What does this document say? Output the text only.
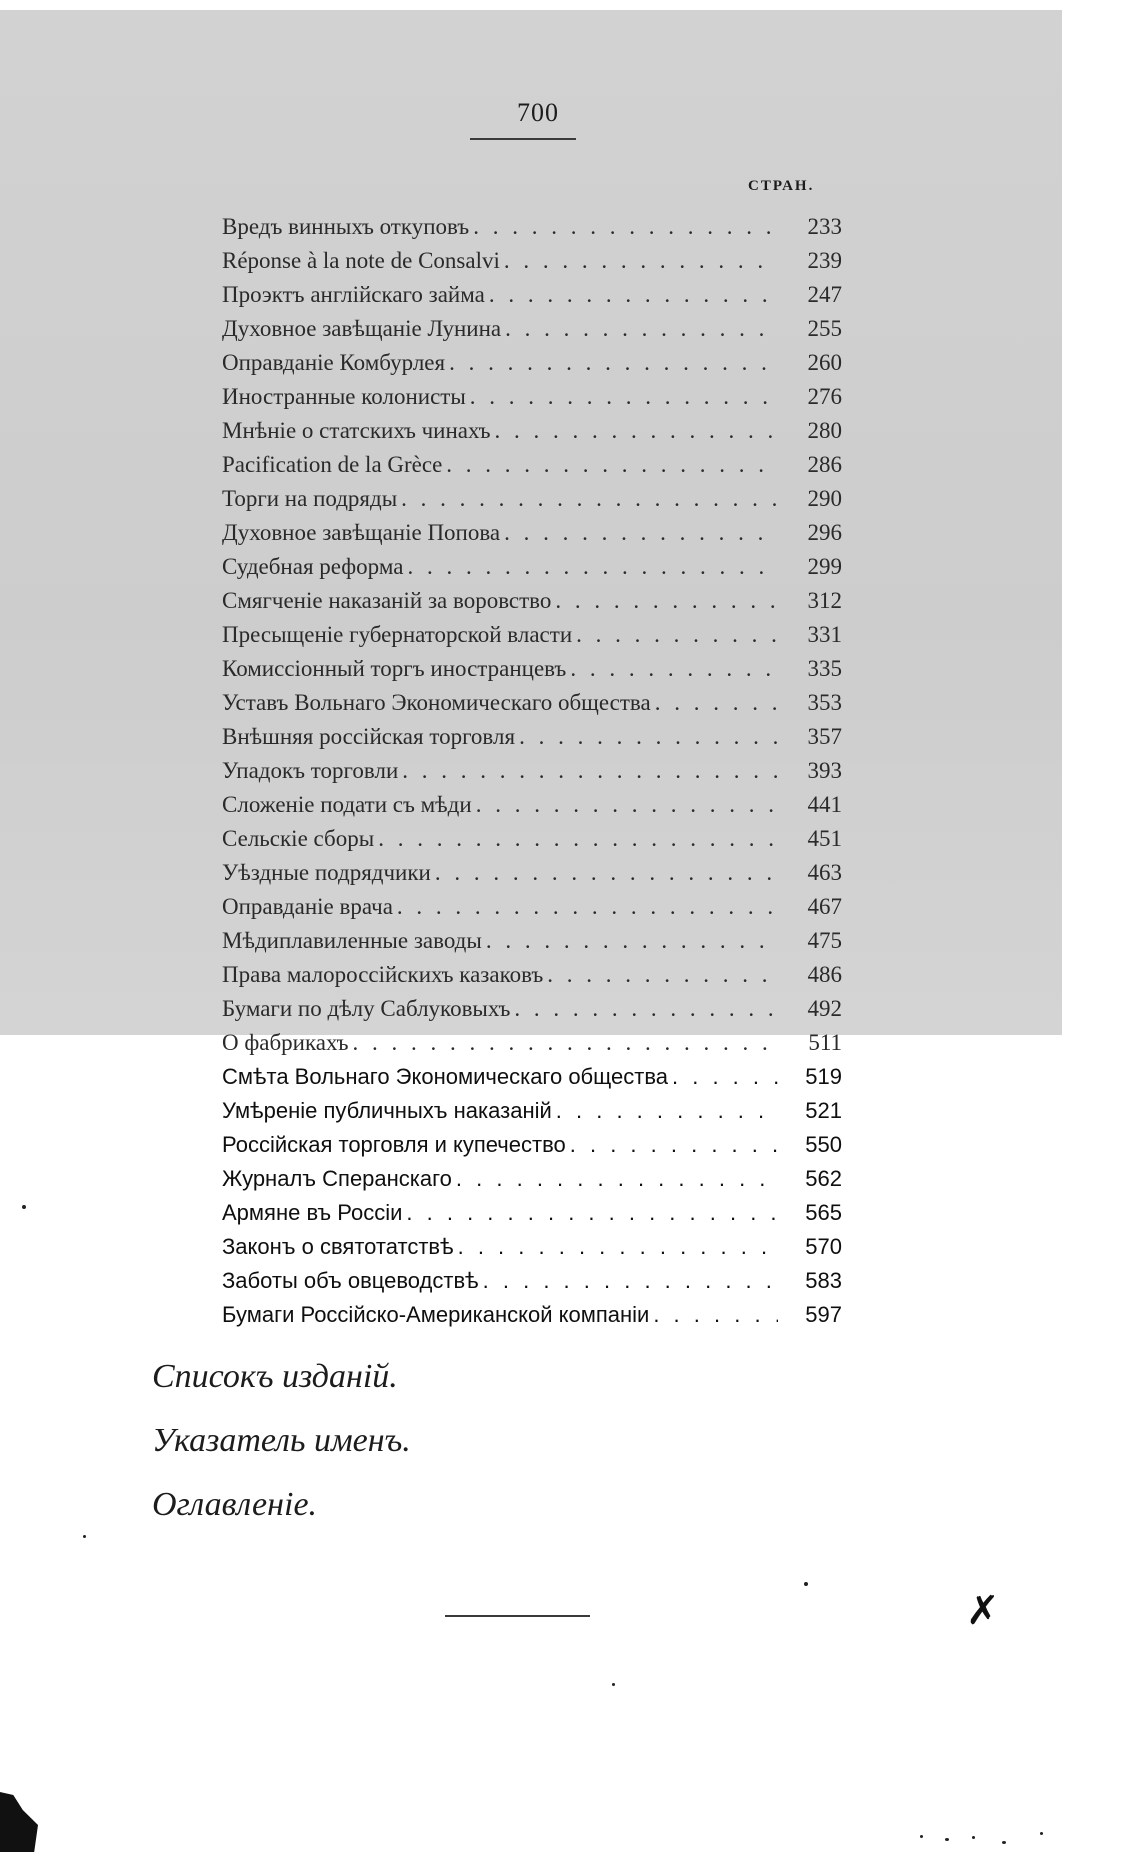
700
СТРАН.
Вредъ винныхъ откуповъ . . .	233
Réponse à la note de Consalvi . . .	239
Проэктъ англійскаго займа . . .	247
Духовное завѣщаніе Лунина . . .	255
Оправданіе Комбурлея . . .	260
Иностранные колонисты . . .	276
Мнѣніе о статскихъ чинахъ . . .	280
Pacification de la Grèce . . .	286
Торги на подряды . . .	290
Духовное завѣщаніе Попова . . .	296
Судебная реформа . . .	299
Смягченіе наказаній за воровство . . .	312
Пресыщеніе губернаторской власти . . .	331
Комиссіонный торгъ иностранцевъ . . .	335
Уставъ Вольнаго Экономическаго общества . . .	353
Внѣшняя россійская торговля . . .	357
Упадокъ торговли . . .	393
Сложеніе подати съ мѣди . . .	441
Сельскіе сборы . . .	451
Уѣздные подрядчики . . .	463
Оправданіе врача . . .	467
Мѣдиплавиленные заводы . . .	475
Права малороссійскихъ казаковъ . . .	486
Бумаги по дѣлу Саблуковыхъ . . .	492
О фабрикахъ . . .	511
Смѣта Вольнаго Экономическаго общества . . .	519
Умѣреніе публичныхъ наказаній . . .	521
Россійская торговля и купечество . . .	550
Журналъ Сперанскаго . . .	562
Армяне въ Россіи . . .	565
Законъ о святотатствѣ . . .	570
Заботы объ овцеводствѣ . . .	583
Бумаги Россійско-Американской компаніи . . .	597
Списокъ изданій.
Указатель именъ.
Оглавленіе.
✗
